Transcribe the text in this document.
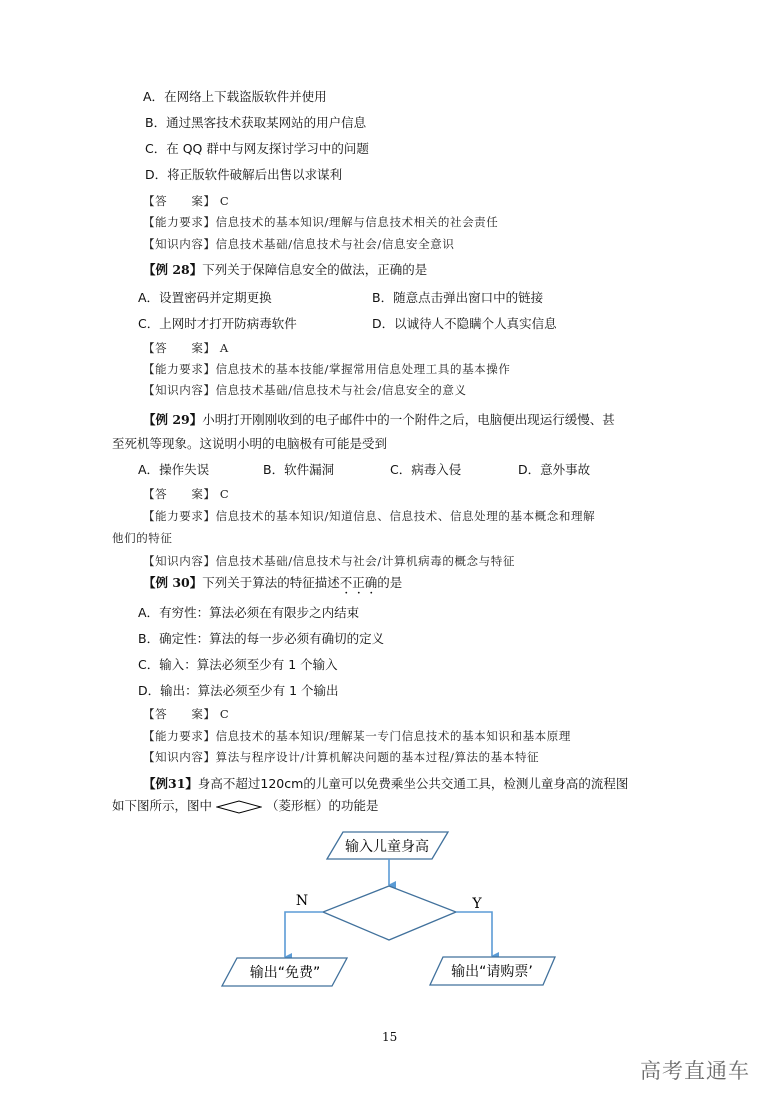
A．在网络上下载盗版软件并使用
B．通过黑客技术获取某网站的用户信息
C．在 QQ 群中与网友探讨学习中的问题
D．将正版软件破解后出售以求谋利
【答　　案】 C
【能力要求】信息技术的基本知识/理解与信息技术相关的社会责任
【知识内容】信息技术基础/信息技术与社会/信息安全意识
【例 28】下列关于保障信息安全的做法，正确的是
A．设置密码并定期更换	B．随意点击弹出窗口中的链接
C．上网时才打开防病毒软件	D．以诚待人不隐瞒个人真实信息
【答　　案】 A
【能力要求】信息技术的基本技能/掌握常用信息处理工具的基本操作
【知识内容】信息技术基础/信息技术与社会/信息安全的意义
【例 29】小明打开刚刚收到的电子邮件中的一个附件之后，电脑便出现运行缓慢、甚
至死机等现象。这说明小明的电脑极有可能是受到
A．操作失误	B．软件漏洞	C．病毒入侵	D．意外事故
【答　　案】 C
【能力要求】信息技术的基本知识/知道信息、信息技术、信息处理的基本概念和理解
他们的特征
【知识内容】信息技术基础/信息技术与社会/计算机病毒的概念与特征
【例 30】下列关于算法的特征描述不正确的是
A．有穷性：算法必须在有限步之内结束
B．确定性：算法的每一步必须有确切的定义
C．输入：算法必须至少有 1 个输入
D．输出：算法必须至少有 1 个输出
【答　　案】 C
【能力要求】信息技术的基本知识/理解某一专门信息技术的基本知识和基本原理
【知识内容】算法与程序设计/计算机解决问题的基本过程/算法的基本特征
【例31】身高不超过120cm的儿童可以免费乘坐公共交通工具，检测儿童身高的流程图
如下图所示，图中	（菱形框）的功能是
输入儿童身高
N	Y
输出“免费”	输出“请购票’
15
高考直通车
